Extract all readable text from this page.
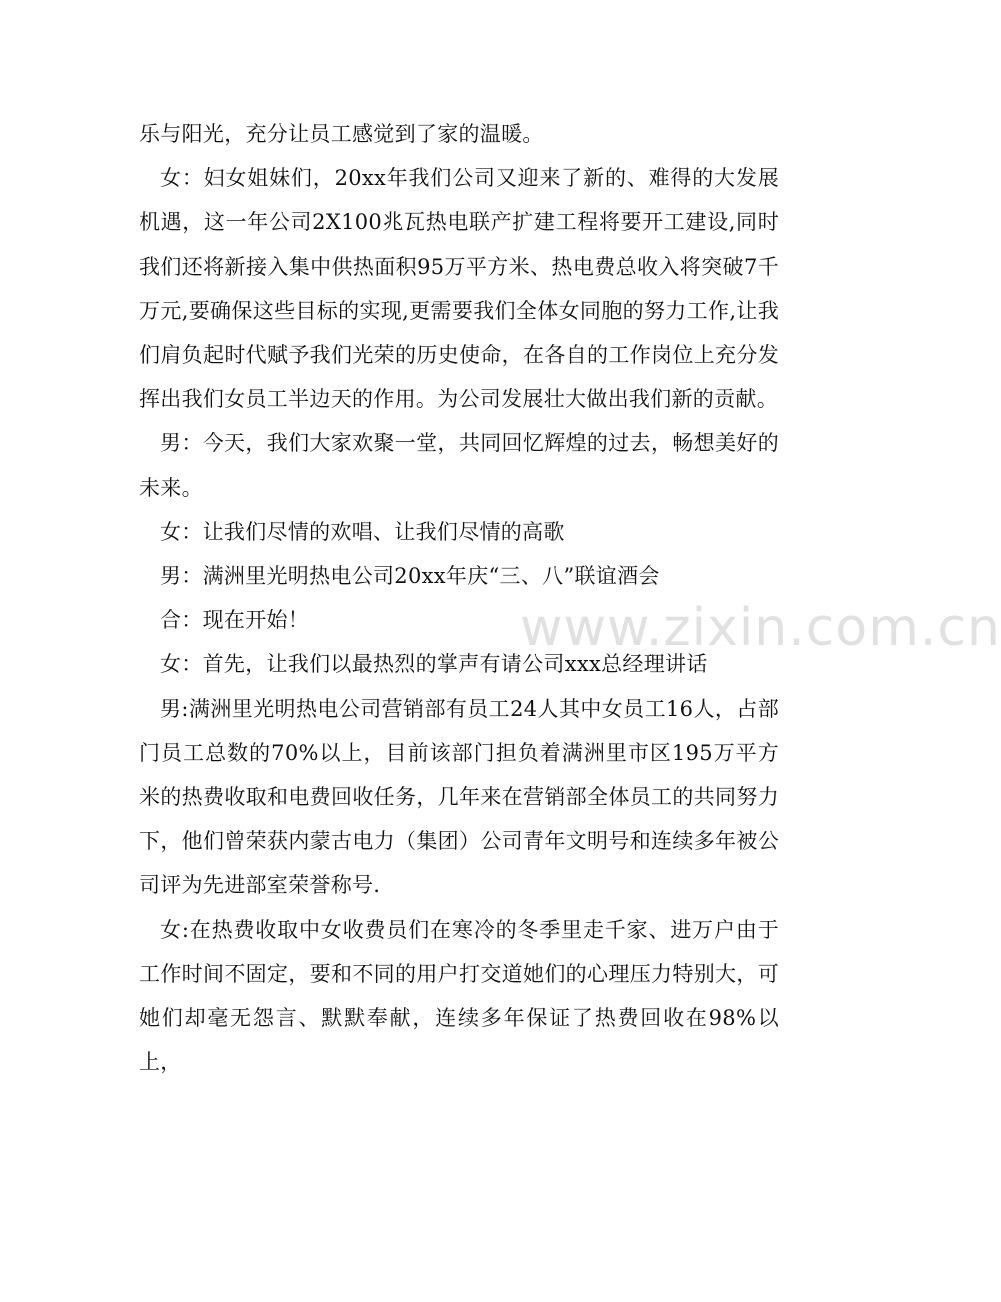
乐与阳光，充分让员工感觉到了家的温暖。

女：妇女姐妹们，20xx年我们公司又迎来了新的、难得的大发展机遇，这一年公司2X100兆瓦热电联产扩建工程将要开工建设,同时我们还将新接入集中供热面积95万平方米、热电费总收入将突破7千万元,要确保这些目标的实现,更需要我们全体女同胞的努力工作,让我们肩负起时代赋予我们光荣的历史使命，在各自的工作岗位上充分发挥出我们女员工半边天的作用。为公司发展壮大做出我们新的贡献。

男：今天，我们大家欢聚一堂，共同回忆辉煌的过去，畅想美好的未来。

女：让我们尽情的欢唱、让我们尽情的高歌

男：满洲里光明热电公司20xx年庆“三、八”联谊酒会

合：现在开始！

女：首先，让我们以最热烈的掌声有请公司xxx总经理讲话

男:满洲里光明热电公司营销部有员工24人其中女员工16人，占部门员工总数的70%以上，目前该部门担负着满洲里市区195万平方米的热费收取和电费回收任务，几年来在营销部全体员工的共同努力下，他们曾荣获内蒙古电力（集团）公司青年文明号和连续多年被公司评为先进部室荣誉称号.

女:在热费收取中女收费员们在寒冷的冬季里走千家、进万户由于工作时间不固定，要和不同的用户打交道她们的心理压力特别大，可她们却毫无怨言、默默奉献，连续多年保证了热费回收在98%以上，

www.zixin.com.cn
